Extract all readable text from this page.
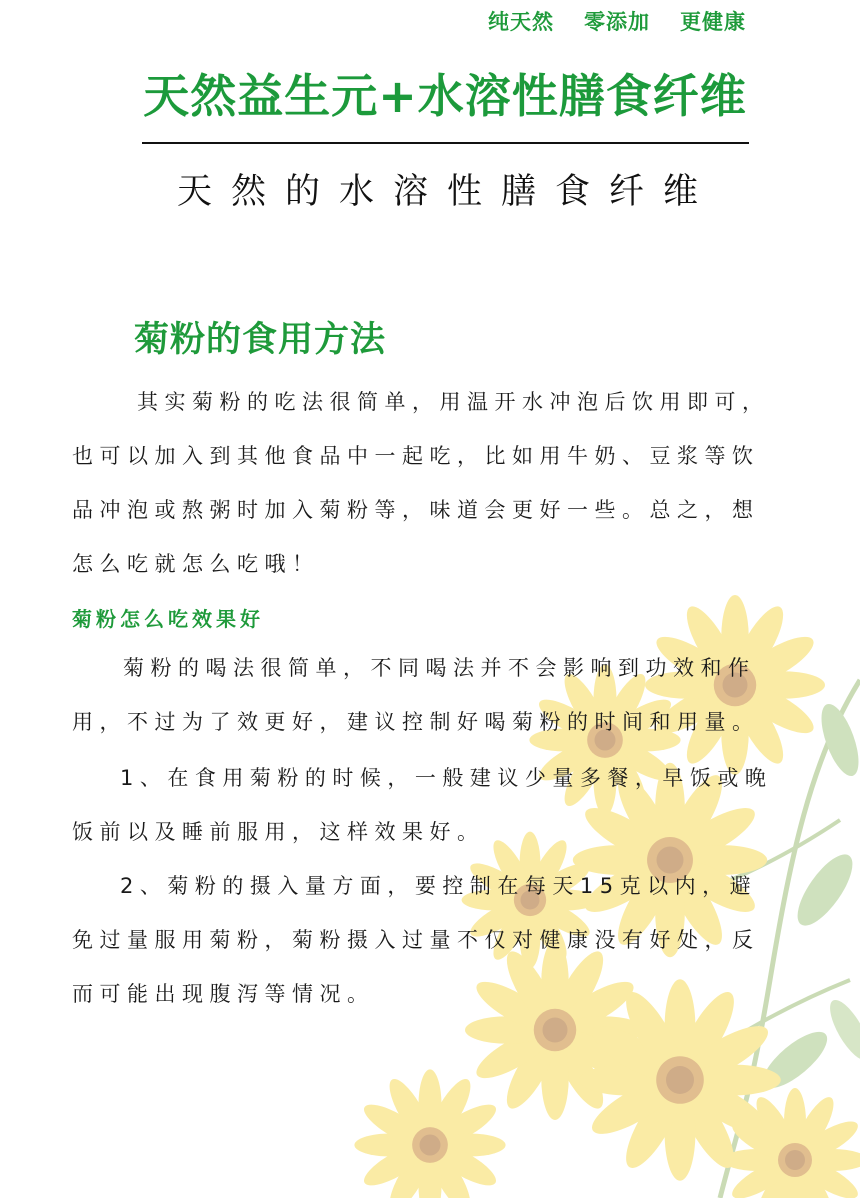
纯天然 零添加 更健康
天然益生元+水溶性膳食纤维
天然的水溶性膳食纤维
菊粉的食用方法
其实菊粉的吃法很简单，用温开水冲泡后饮用即可，也可以加入到其他食品中一起吃，比如用牛奶、豆浆等饮品冲泡或熬粥时加入菊粉等，味道会更好一些。总之，想怎么吃就怎么吃哦！
菊粉怎么吃效果好
菊粉的喝法很简单，不同喝法并不会影响到功效和作用，不过为了效更好，建议控制好喝菊粉的时间和用量。
1、在食用菊粉的时候，一般建议少量多餐，早饭或晚饭前以及睡前服用，这样效果好。
2、菊粉的摄入量方面，要控制在每天15克以内，避免过量服用菊粉，菊粉摄入过量不仅对健康没有好处，反而可能出现腹泻等情况。
